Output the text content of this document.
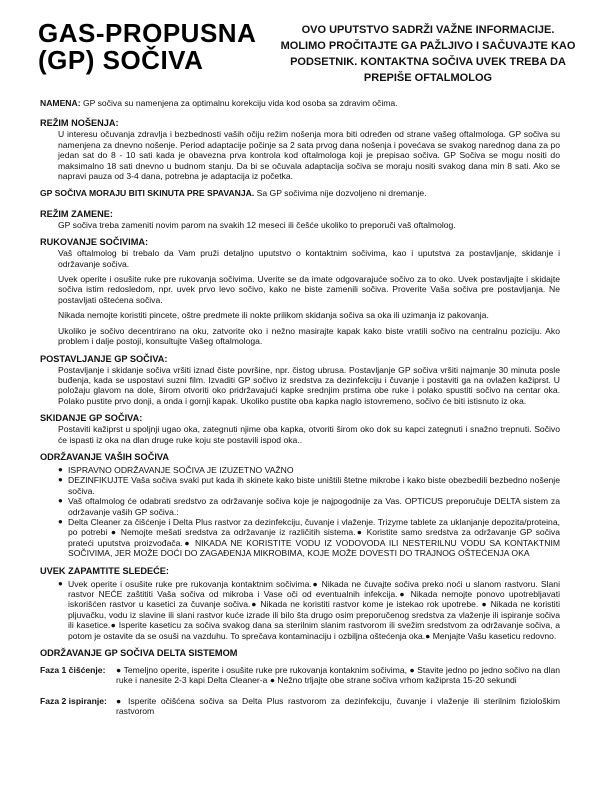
GAS-PROPUSNA
(GP) SOČIVA
OVO UPUTSTVO SADRŽI VAŽNE INFORMACIJE. MOLIMO PROČITAJTE GA PAŽLJIVO I SAČUVAJTE KAO PODSETNIK. KONTAKTNA SOČIVA UVEK TREBA DA PREPIŠE OFTALMOLOG
NAMENA: GP sočiva su namenjena za optimalnu korekciju vida kod osoba sa zdravim očima.
REŽIM NOŠENJA:
U interesu očuvanja zdravlja i bezbednosti vaših očiju režim nošenja mora biti određen od strane vašeg oftalmologa. GP sočiva su namenjena za dnevno nošenje. Period adaptacije počinje sa 2 sata prvog dana nošenja i povećava se svakog narednog dana za po jedan sat do 8 - 10 sati kada je obavezna prva kontrola kod oftalmologa koji je prepisao sočiva. GP Sočiva se mogu nositi do maksimalno 18 sati dnevno u budnom stanju. Da bi se očuvala adaptacija sočiva se moraju nositi svakog dana min 8 sati. Ako se napravi pauza od 3-4 dana, potrebna je adaptacija iz početka.
GP SOČIVA MORAJU BITI SKINUTA PRE SPAVANJA. Sa GP sočivima nije dozvoljeno ni dremanje.
REŽIM ZAMENE:
GP sočiva treba zameniti novim parom na svakih 12 meseci ili češće ukoliko to preporuči vaš oftalmolog.
RUKOVANJE SOČIVIMA:
Vaš oftalmolog bi trebalo da Vam pruži detaljno uputstvo o kontaktnim sočivima, kao i uputstva za postavljanje, skidanje i održavanje sočiva.
Uvek operite i osušite ruke pre rukovanja sočivima. Uverite se da imate odgovarajuće sočivo za to oko. Uvek postavljajte i skidajte sočiva istim redosledom, npr. uvek prvo levo sočivo, kako ne biste zamenili sočiva. Proverite Vaša sočiva pre postavljanja. Ne postavljati oštećena sočiva.
Nikada nemojte koristiti pincete, oštre predmete ili nokte prilikom skidanja sočiva sa oka ili uzimanja iz pakovanja.
Ukoliko je sočivo decentrirano na oku, zatvorite oko i nežno masirajte kapak kako biste vratili sočivo na centralnu poziciju. Ako problem i dalje postoji, konsultujte Vašeg oftalmologa.
POSTAVLJANJE GP SOČIVA:
Postavljanje i skidanje sočiva vršiti iznad čiste površine, npr. čistog ubrusa. Postavljanje GP sočiva vršiti najmanje 30 minuta posle buđenja, kada se uspostavi suzni film. Izvaditi GP sočivo iz sredstva za dezinfekciju i čuvanje i postaviti ga na ovlažen kažiprst. U položaju glavom na dole, širom otvoriti oko pridržavajući kapke srednjim prstima obe ruke i polako spustiti sočivo na centar oka. Polako pustite prvo donji, a onda i gornji kapak. Ukoliko pustite oba kapka naglo istovremeno, sočivo će biti istisnuto iz oka.
SKIDANJE GP SOČIVA:
Postaviti kažiprst u spoljnji ugao oka, zategnuti njime oba kapka, otvoriti širom oko dok su kapci zategnuti i snažno trepnuti. Sočivo će ispasti iz oka na dlan druge ruke koju ste postavili ispod oka..
ODRŽAVANJE VAŠIH SOČIVA
● ISPRAVNO ODRŽAVANJE SOČIVA JE IZUZETNO VAŽNO
● DEZINFIKUJTE Vaša sočiva svaki put kada ih skinete kako biste uništili štetne mikrobe i kako biste obezbedili bezbedno nošenje sočiva.
● Vaš oftalmolog će odabrati sredstvo za održavanje sočiva koje je najpogodnije za Vas. OPTICUS preporučuje DELTA sistem za održavanje vaših GP sočiva.:
● Delta Cleaner za čišćenje i Delta Plus rastvor za dezinfekciju, čuvanje i vlaženje. Trizyme tablete za uklanjanje depozita/proteina, po potrebi ● Nemojte mešati sredstva za održavanje iz različitih sistema.● Koristite samo sredstva za održavanje GP sočiva prateći uputstva proizvođača.● NIKADA NE KORISTITE VODU IZ VODOVODA ILI NESTERILNU VODU SA KONTAKTNIM SOČIVIMA, JER MOŽE DOĆI DO ZAGAĐENJA MIKROBIMA, KOJE MOŽE DOVESTI DO TRAJNOG OŠTEĆENJA OKA
UVEK ZAPAMTITE SLEDEĆE:
● Uvek operite i osušite ruke pre rukovanja kontaktnim sočivima.● Nikada ne čuvajte sočiva preko noći u slanom rastvoru. Slani rastvor NEĆE zaštititi Vaša sočiva od mikroba i Vase oči od eventualnih infekcija.● Nikada nemojte ponovo upotrebljavati iskorišćen rastvor u kasetici za čuvanje sočiva.● Nikada ne koristiti rastvor kome je istekao rok upotrebe. ● Nikada ne koristiti pljuvačku, vodu iz slavine ili slani rastvor kuće izrade ili bilo šta drugo osim preporučenog sredstva za vlaženje ili ispiranje sočiva ili kasetice.● Isperite kaseticu za sočiva svakog dana sa sterilnim slanim rastvorom ili svežim sredstvom za održavanje sočiva, a potom je ostavite da se osuši na vazduhu. To sprečava kontaminaciju i ozbiljna oštećenja oka.● Menjajte Vašu kaseticu redovno.
ODRŽAVANJE GP SOČIVA DELTA SISTEMOM
Faza 1 čišćenje:	● Temeljno operite, isperite i osušite ruke pre rukovanja kontaknim sočivima, ● Stavite jedno po jedno sočivo na dlan ruke i nanesite 2-3 kapi Delta Cleaner-a ● Nežno trljajte obe strane sočiva vrhom kažiprsta 15-20 sekundi
Faza 2 ispiranje:	● Isperite očišćena sočiva sa Delta Plus rastvorom za dezinfekciju, čuvanje i vlaženje ili sterilnim fiziološkim rastvorom
